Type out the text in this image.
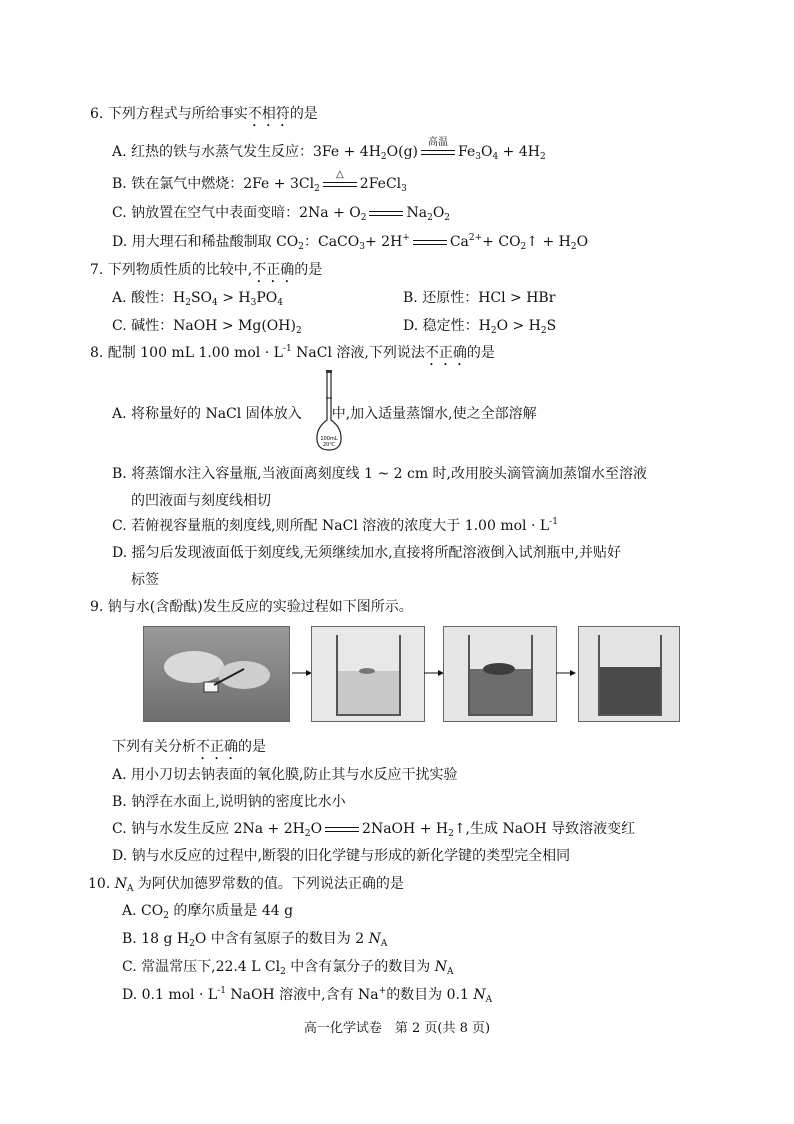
6. 下列方程式与所给事实不相符的是
A. 红热的铁与水蒸气发生反应：$3Fe + 4H_2O(g)$
高温
$Fe_3O_4 + 4H_2$
B. 铁在氯气中燃烧：$2Fe + 3Cl_2$
△
2FeCl$_3$
C. 钠放置在空气中表面变暗：$2Na + O_2$	$Na_2O_2$
D. 用大理石和稀盐酸制取 $CO_2$：CaCO$_3$+ 2H+	$Ca^{2+}+$ $CO_2↑ + H_2O$
7. 下列物质性质的比较中,不正确的是
A. 酸性：$H_2SO_4 > H_3PO_4$	B. 还原性：HCl > HBr
C. 碱性：NaOH > $Mg(OH)_2$	D. 稳定性：$H_2O > H_2S$
8. 配制 100 mL 1.00 mol · $L^{-1}$ NaCl 溶液,下列说法不正确的是
A. 将称量好的 NaCl 固体放入 中,加入适量蒸馏水,使之全部溶解
100mL
20℃
B. 将蒸馏水注入容量瓶,当液面离刻度线 1 ~ 2 cm 时,改用胶头滴管滴加蒸馏水至溶液
的凹液面与刻度线相切
C. 若俯视容量瓶的刻度线,则所配 NaCl 溶液的浓度大于 1.00 mol · $L^{-1}$
D. 摇匀后发现液面低于刻度线,无须继续加水,直接将所配溶液倒入试剂瓶中,并贴好
标签
9. 钠与水(含酚酞)发生反应的实验过程如下图所示。
下列有关分析不正确的是
A. 用小刀切去钠表面的氧化膜,防止其与水反应干扰实验
B. 钠浮在水面上,说明钠的密度比水小
C. 钠与水发生反应 $2Na + 2H_2O$	2NaOH + $H_2↑$,生成 NaOH 导致溶液变红
D. 钠与水反应的过程中,断裂的旧化学键与形成的新化学键的类型完全相同
10. $N_A$ 为阿伏加德罗常数的值。下列说法正确的是
A. $CO_2$ 的摩尔质量是 44 g
B. 18 g $H_2O$ 中含有氢原子的数目为 2 $N_A$
C. 常温常压下,22.4 L $Cl_2$ 中含有氯分子的数目为 $N_A$
D. 0.1 mol · $L^{-1}$ NaOH 溶液中,含有 Na+的数目为 0.1 $N_A$
高一化学试卷　第 2 页(共 8 页)
